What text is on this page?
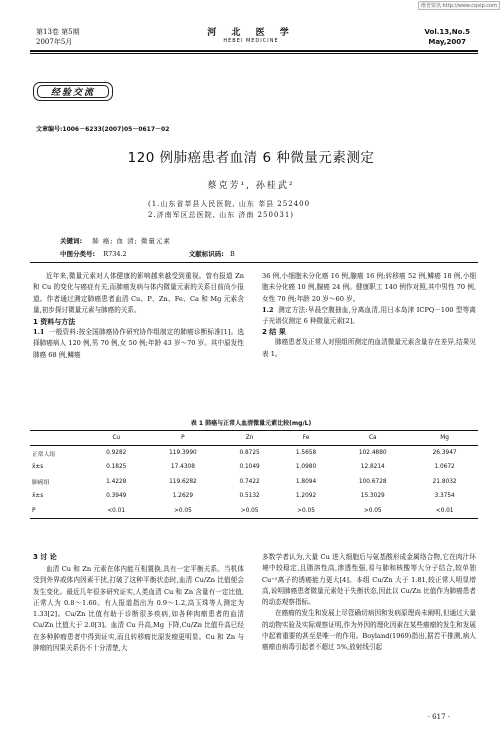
维普资讯 http://www.cqvip.com
第13卷 第5期
2007年5月
河 北 医 学
HEBEI MEDICINE
Vol.13,No.5
May,2007
经验交流
文章编号:1006－6233(2007)05－0617－02
120 例肺癌患者血清 6 种微量元素测定
蔡克芳¹, 孙桂武²
(1.山东省莘县人民医院, 山东 莘县 252400
2.济南军区总医院, 山东 济南 250031)
关键词: 肺 癌; 血 清; 微量元素
中图分类号: R734.2	文献标识码: B

近年来,微量元素对人体健康的影响越来越受到重视。曾有报道 Zn 和 Cu 的变化与癌症有关,而肺癌发病与体内微量元素的关系目前尚少报道。作者通过测定肺癌患者血清 Cu、P、Zn、Fe、Ca 和 Mg 元素含量,初步探讨微量元素与肺癌的关系。

1 资料与方法

1.1 一般资料:按全国肺癌协作研究协作组制定的肺癌诊断标准[1]。选择肺癌病人 120 例,男 70 例,女 50 例;年龄 43 岁～70 岁。其中原发性肺癌 68 例,鳞癌

36 例,小细胞未分化癌 16 例,腺癌 16 例;转移癌 52 例,鳞癌 18 例,小细胞未分化癌 10 例,腺癌 24 例。健康职工 140 例作对照,其中男性 70 例,女性 70 例;年龄 20 岁～60 岁。

1.2 测定方法:早晨空腹抽血,分离血清,用日本岛津 ICPQ－100 型等离子光谱仪测定 6 种微量元素[2]。

2 结 果

肺癌患者及正常人对照组所测定的血清微量元素含量存在差异,结果见表 1。

表 1 肺癌与正常人血清微量元素比较(mg/L)
	Cu	P	Zn	Fe	Ca	Mg
正常人组	0.9282	119.3990	0.8725	1.5658	102.4880	26.3947
x̄±s	0.1825	17.4308	0.1049	1.0980	12.8214	1.0672
肺癌组	1.4228	119.6282	0.7422	1.8094	100.6728	21.8032
x̄±s	0.3949	1.2629	0.5132	1.2092	15.3029	3.3754
P	<0.01	>0.05	>0.05	>0.05	>0.05	<0.01

3 讨 论

血清 Cu 和 Zn 元素在体内能互相置换,具有一定平衡关系。当机体受到外界或体内因素干扰,打破了这种平衡状态时,血清 Cu/Zn 比值便会发生变化。最近几年很多研究证实,人类血清 Cu 和 Zn 含量有一定比值,正常人为 0.8～1.60。有人报道指出为 0.9～1.2,高玉珠等人测定为 1.33[2]。Cu/Zn 比值有助于诊断很多疾病,如各种肉瘤患者的血清 Cu/Zn 比值大于 2.0[3]。血清 Cu 升高,Mg 下降,Cu/Zn 比值升高已经在多种肿瘤患者中得到证实,而且转移瘤比原发瘤更明显。Cu 和 Zn 与肿瘤的因果关系仍不十分清楚,大

多数学者认为,大量 Cu 进入细胞后与氨基酸形成金属络合物,它在肉汁环境中较稳定,且脂溶性高,渗透性强,易与肺和核酸等大分子结合,较单独 Cu⁺²离子的诱癌能力更大[4]。本组 Cu/Zn 大于 1.81,较正常人明显增高,说明肺癌患者微量元素处于失衡状态,因此以 Cu/Zn 比值作为肺癌患者的动态观察指标。

在癌瘤的发生和发展上尽管确切病因和发病原理尚未阐明,但通过大量的动物实验及实际观察证明,作为外因的理化因素在某些癌瘤的发生和发展中起着重要的甚至是唯一的作用。Boyland(1969)指出,据若干推测,病人癌瘤由病毒引起者不超过 5%,放射线引起

· 617 ·
